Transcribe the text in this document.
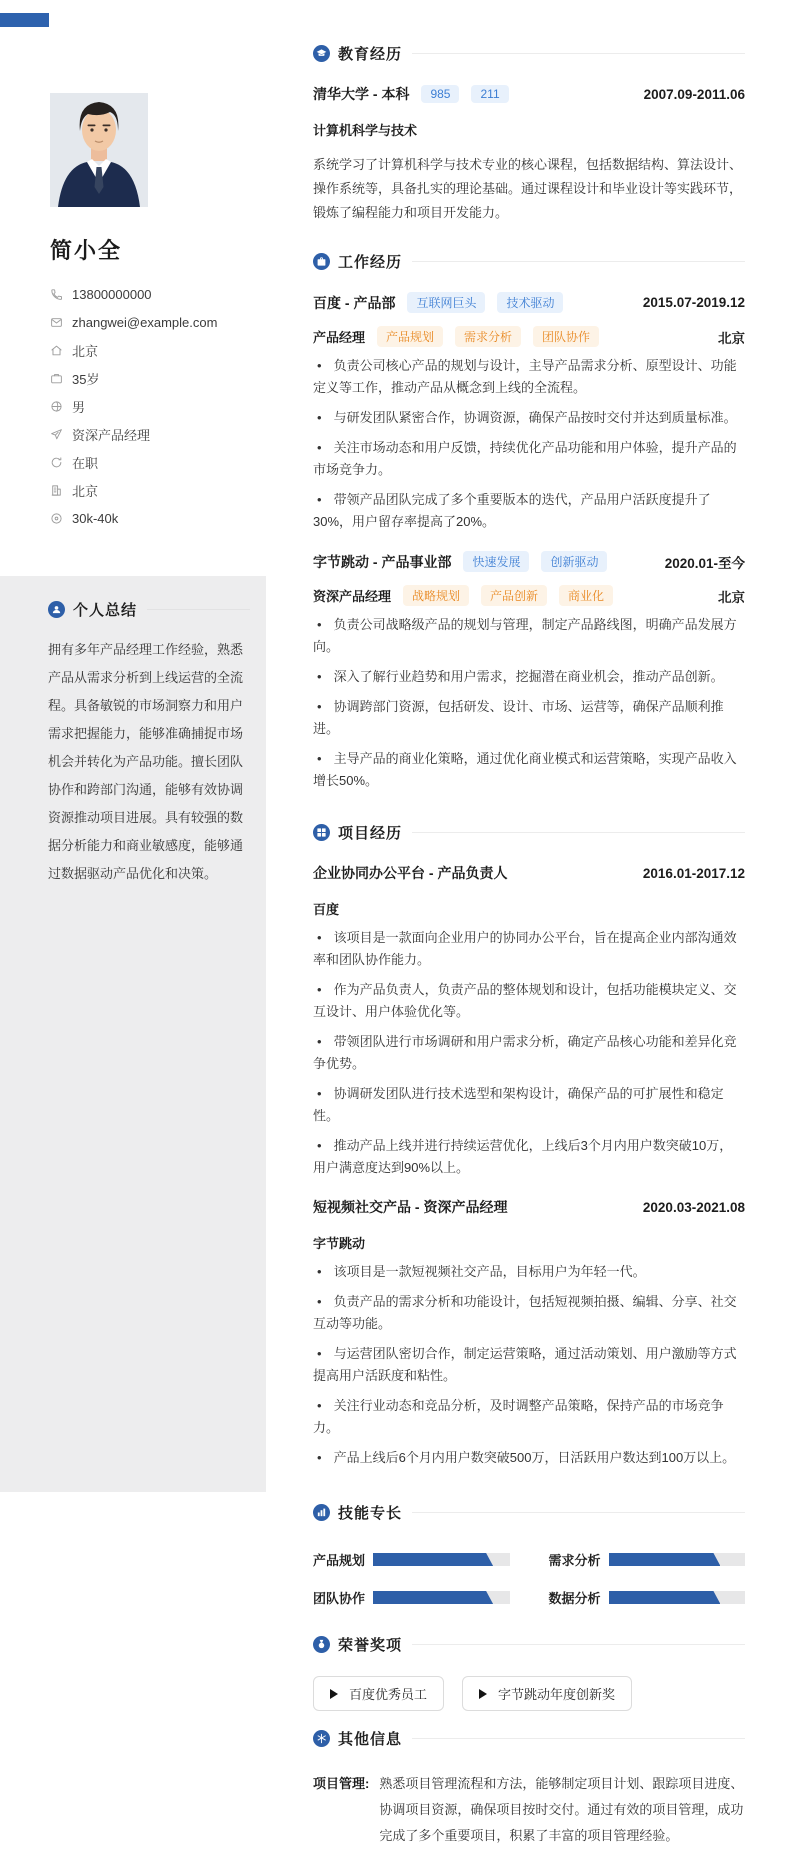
简小全
13800000000
zhangwei@example.com
北京
35岁
男
资深产品经理
在职
北京
30k-40k
个人总结

拥有多年产品经理工作经验，熟悉产品从需求分析到上线运营的全流程。具备敏锐的市场洞察力和用户需求把握能力，能够准确捕捉市场机会并转化为产品功能。擅长团队协作和跨部门沟通，能够有效协调资源推动项目进展。具有较强的数据分析能力和商业敏感度，能够通过数据驱动产品优化和决策。

教育经历
清华大学 - 本科	985	211	2007.09-2011.06
计算机科学与技术

系统学习了计算机科学与技术专业的核心课程，包括数据结构、算法设计、操作系统等，具备扎实的理论基础。通过课程设计和毕业设计等实践环节，锻炼了编程能力和项目开发能力。

工作经历
百度 - 产品部	互联网巨头	技术驱动	2015.07-2019.12
产品经理	产品规划	需求分析	团队协作	北京
• 负责公司核心产品的规划与设计，主导产品需求分析、原型设计、功能定义等工作，推动产品从概念到上线的全流程。
• 与研发团队紧密合作，协调资源，确保产品按时交付并达到质量标准。
• 关注市场动态和用户反馈，持续优化产品功能和用户体验，提升产品的市场竞争力。
• 带领产品团队完成了多个重要版本的迭代，产品用户活跃度提升了30%，用户留存率提高了20%。
字节跳动 - 产品事业部	快速发展	创新驱动	2020.01-至今
资深产品经理	战略规划	产品创新	商业化	北京
• 负责公司战略级产品的规划与管理，制定产品路线图，明确产品发展方向。
• 深入了解行业趋势和用户需求，挖掘潜在商业机会，推动产品创新。
• 协调跨部门资源，包括研发、设计、市场、运营等，确保产品顺利推进。
• 主导产品的商业化策略，通过优化商业模式和运营策略，实现产品收入增长50%。
项目经历
企业协同办公平台 - 产品负责人	2016.01-2017.12
百度
• 该项目是一款面向企业用户的协同办公平台，旨在提高企业内部沟通效率和团队协作能力。
• 作为产品负责人，负责产品的整体规划和设计，包括功能模块定义、交互设计、用户体验优化等。
• 带领团队进行市场调研和用户需求分析，确定产品核心功能和差异化竞争优势。
• 协调研发团队进行技术选型和架构设计，确保产品的可扩展性和稳定性。
• 推动产品上线并进行持续运营优化，上线后3个月内用户数突破10万，用户满意度达到90%以上。
短视频社交产品 - 资深产品经理	2020.03-2021.08
字节跳动
• 该项目是一款短视频社交产品，目标用户为年轻一代。
• 负责产品的需求分析和功能设计，包括短视频拍摄、编辑、分享、社交互动等功能。
• 与运营团队密切合作，制定运营策略，通过活动策划、用户激励等方式提高用户活跃度和粘性。
• 关注行业动态和竞品分析，及时调整产品策略，保持产品的市场竞争力。
• 产品上线后6个月内用户数突破500万，日活跃用户数达到100万以上。
技能专长
产品规划	需求分析
团队协作	数据分析
荣誉奖项
百度优秀员工	字节跳动年度创新奖
其他信息
项目管理: 熟悉项目管理流程和方法，能够制定项目计划、跟踪项目进度、协调项目资源，确保项目按时交付。通过有效的项目管理，成功完成了多个重要项目，积累了丰富的项目管理经验。
